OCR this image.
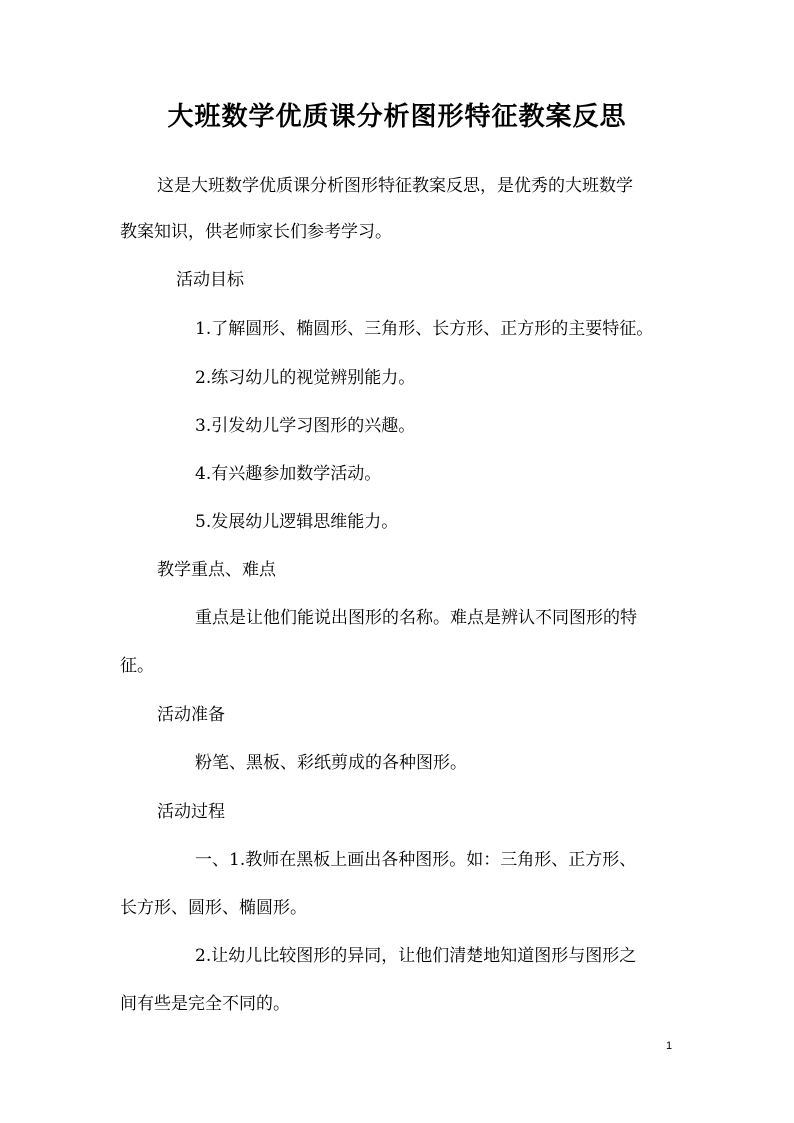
大班数学优质课分析图形特征教案反思
这是大班数学优质课分析图形特征教案反思，是优秀的大班数学
教案知识，供老师家长们参考学习。
活动目标
1.了解圆形、椭圆形、三角形、长方形、正方形的主要特征。
2.练习幼儿的视觉辨别能力。
3.引发幼儿学习图形的兴趣。
4.有兴趣参加数学活动。
5.发展幼儿逻辑思维能力。
教学重点、难点
重点是让他们能说出图形的名称。难点是辨认不同图形的特
征。
活动准备
粉笔、黑板、彩纸剪成的各种图形。
活动过程
一、1.教师在黑板上画出各种图形。如：三角形、正方形、
长方形、圆形、椭圆形。
2.让幼儿比较图形的异同，让他们清楚地知道图形与图形之
间有些是完全不同的。
1
